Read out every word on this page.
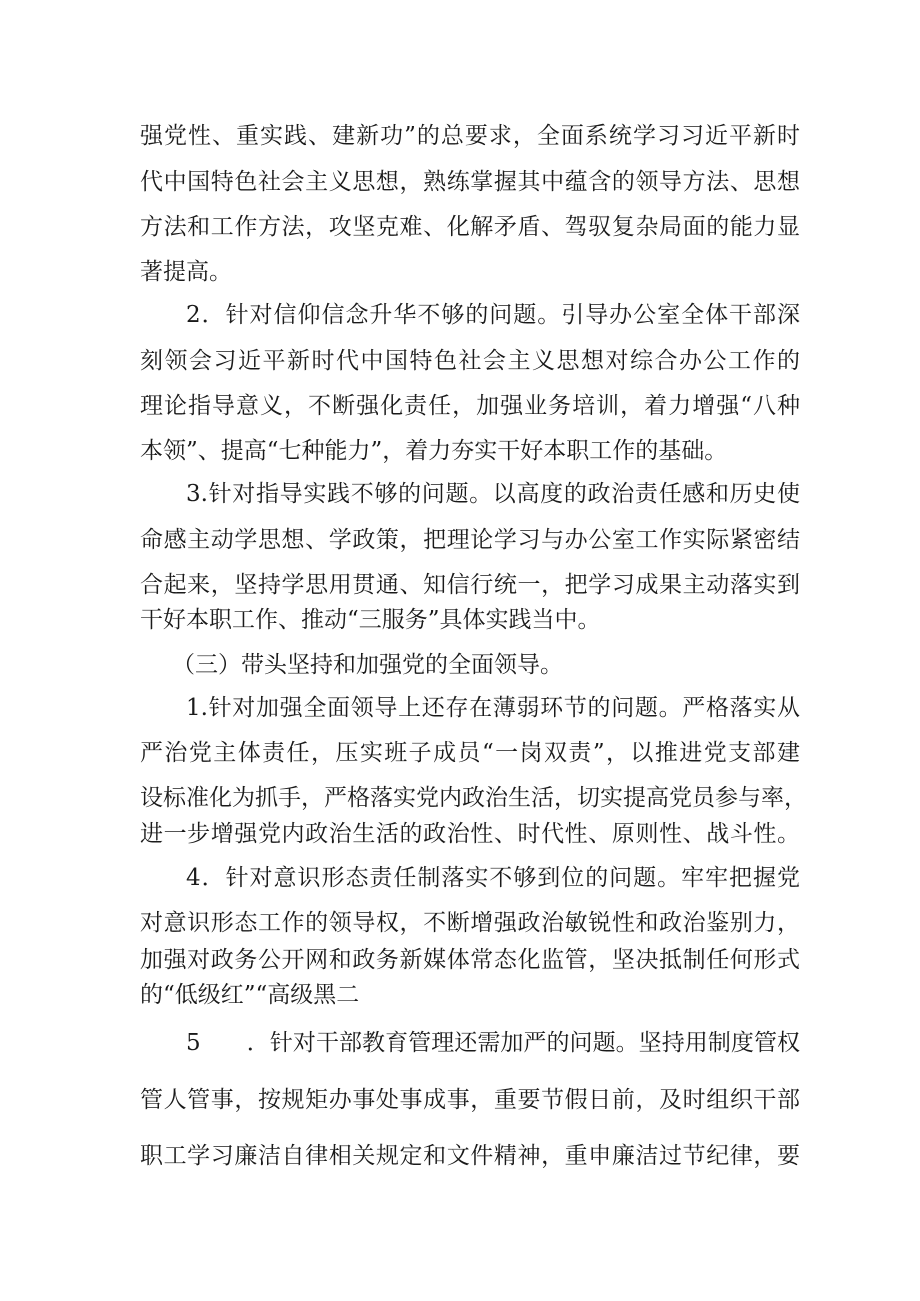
强党性、重实践、建新功”的总要求，全面系统学习习近平新时

代中国特色社会主义思想，熟练掌握其中蕴含的领导方法、思想

方法和工作方法，攻坚克难、化解矛盾、驾驭复杂局面的能力显

著提高。

2．针对信仰信念升华不够的问题。引导办公室全体干部深

刻领会习近平新时代中国特色社会主义思想对综合办公工作的

理论指导意义，不断强化责任，加强业务培训，着力增强“八种

本领”、提高“七种能力”，着力夯实干好本职工作的基础。

3.针对指导实践不够的问题。以高度的政治责任感和历史使

命感主动学思想、学政策，把理论学习与办公室工作实际紧密结

合起来，坚持学思用贯通、知信行统一，把学习成果主动落实到

干好本职工作、推动“三服务”具体实践当中。

（三）带头坚持和加强党的全面领导。

1.针对加强全面领导上还存在薄弱环节的问题。严格落实从

严治党主体责任，压实班子成员“一岗双责”，以推进党支部建

设标准化为抓手，严格落实党内政治生活，切实提高党员参与率，

进一步增强党内政治生活的政治性、时代性、原则性、战斗性。

4．针对意识形态责任制落实不够到位的问题。牢牢把握党

对意识形态工作的领导权，不断增强政治敏锐性和政治鉴别力，

加强对政务公开网和政务新媒体常态化监管，坚决抵制任何形式

的“低级红”“高级黑二

5　　．针对干部教育管理还需加严的问题。坚持用制度管权

管人管事，按规矩办事处事成事，重要节假日前，及时组织干部

职工学习廉洁自律相关规定和文件精神，重申廉洁过节纪律，要
